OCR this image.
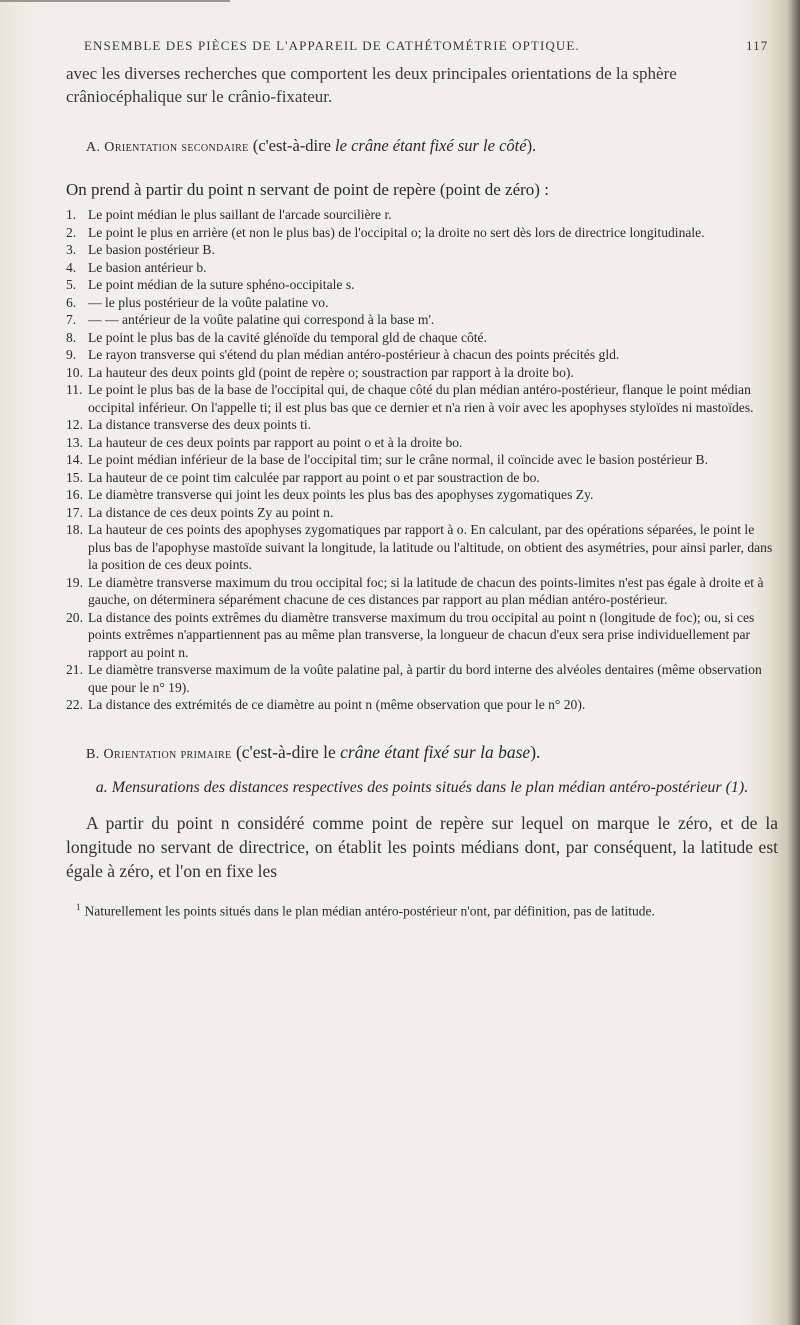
ENSEMBLE DES PIÈCES DE L'APPAREIL DE CATHÉTOMÉTRIE OPTIQUE.	117

avec les diverses recherches que comportent les deux principales orientations de la sphère crâniocéphalique sur le crânio-fixateur.

A. Orientation secondaire (c'est-à-dire le crâne étant fixé sur le côté).

On prend à partir du point n servant de point de repère (point de zéro) :

1. Le point médian le plus saillant de l'arcade sourcilière r.
2. Le point le plus en arrière (et non le plus bas) de l'occipital o; la droite no sert dès lors de directrice longitudinale.
3. Le basion postérieur B.
4. Le basion antérieur b.
5. Le point médian de la suture sphéno-occipitale s.
6. — le plus postérieur de la voûte palatine vo.
7. — — antérieur de la voûte palatine qui correspond à la base m'.
8. Le point le plus bas de la cavité glénoïde du temporal gld de chaque côté.
9. Le rayon transverse qui s'étend du plan médian antéro-postérieur à chacun des points précités gld.
10. La hauteur des deux points gld (point de repère o; soustraction par rapport à la droite bo).
11. Le point le plus bas de la base de l'occipital qui, de chaque côté du plan médian antéro-postérieur, flanque le point médian occipital inférieur. On l'appelle ti; il est plus bas que ce dernier et n'a rien à voir avec les apophyses styloïdes ni mastoïdes.
12. La distance transverse des deux points ti.
13. La hauteur de ces deux points par rapport au point o et à la droite bo.
14. Le point médian inférieur de la base de l'occipital tim; sur le crâne normal, il coïncide avec le basion postérieur B.
15. La hauteur de ce point tim calculée par rapport au point o et par soustraction de bo.
16. Le diamètre transverse qui joint les deux points les plus bas des apophyses zygomatiques Zy.
17. La distance de ces deux points Zy au point n.
18. La hauteur de ces points des apophyses zygomatiques par rapport à o. En calculant, par des opérations séparées, le point le plus bas de l'apophyse mastoïde suivant la longitude, la latitude ou l'altitude, on obtient des asymétries, pour ainsi parler, dans la position de ces deux points.
19. Le diamètre transverse maximum du trou occipital foc; si la latitude de chacun des points-limites n'est pas égale à droite et à gauche, on déterminera séparément chacune de ces distances par rapport au plan médian antéro-postérieur.
20. La distance des points extrêmes du diamètre transverse maximum du trou occipital au point n (longitude de foc); ou, si ces points extrêmes n'appartiennent pas au même plan transverse, la longueur de chacun d'eux sera prise individuellement par rapport au point n.
21. Le diamètre transverse maximum de la voûte palatine pal, à partir du bord interne des alvéoles dentaires (même observation que pour le n° 19).
22. La distance des extrémités de ce diamètre au point n (même observation que pour le n° 20).

B. Orientation primaire (c'est-à-dire le crâne étant fixé sur la base).

a. Mensurations des distances respectives des points situés dans le plan médian antéro-postérieur (1).

A partir du point n considéré comme point de repère sur lequel on marque le zéro, et de la longitude no servant de directrice, on établit les points médians dont, par conséquent, la latitude est égale à zéro, et l'on en fixe les

$^1$ Naturellement les points situés dans le plan médian antéro-postérieur n'ont, par définition, pas de latitude.
